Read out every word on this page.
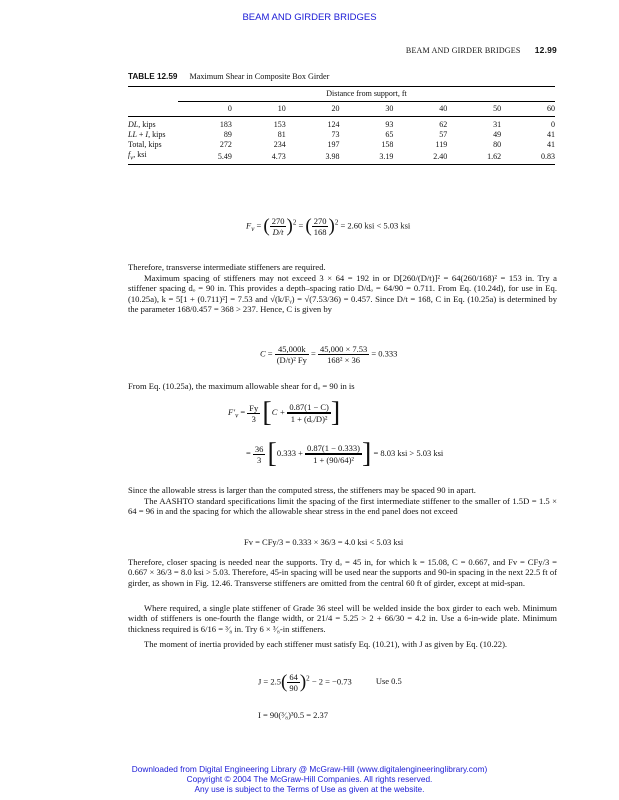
BEAM AND GIRDER BRIDGES
BEAM AND GIRDER BRIDGES 12.99
TABLE 12.59 Maximum Shear in Composite Box Girder
	Distance from support, ft						
	0	10	20	30	40	50	60
DL, kips	183	153	124	93	62	31	0
LL + I, kips	89	81	73	65	57	49	41
Total, kips	272	234	197	158	119	80	41
$f_v$, ksi	5.49	4.73	3.98	3.19	2.40	1.62	0.83
$F_v$ = ( $\frac{270}{D/t} )^2$ = ( $\frac{270}{168} )^2 = 2.60$ ksi < 5.03 ksi
Therefore, transverse intermediate stiffeners are required.
Maximum spacing of stiffeners may not exceed 3 × 64 = 192 in or D[260/(D/t)]² = 64(260/168)² = 153 in. Try a stiffener spacing dₒ = 90 in. This provides a depth–spacing ratio D/dₒ = 64/90 = 0.711. From Eq. (10.24d), for use in Eq. (10.25a), k = 5[1 + (0.711)²] = 7.53 and √(k/Fᵧ) = √(7.53/36) = 0.457. Since D/t = 168, C in Eq. (10.25a) is determined by the parameter 168/0.457 = 368 > 237. Hence, C is given by
$C = \frac{45,000k}{\text{(D/t)² Fy}} = \frac{45,000 \times 7.53}{\text{168² × 36}} = 0.333$
From Eq. (10.25a), the maximum allowable shear for dₒ = 90 in is
$F'_v = \frac{Fy}{3} [C + \frac{0.87(1 - C)}{\text{1 + (dₒ/D)²}}$ ]
= $\frac{36}{3} [0.333 + \frac{0.87(1 - 0.333)}{\text{1 + (90/64)²}}$ ] = 8.03 ksi > 5.03 ksi
Since the allowable stress is larger than the computed stress, the stiffeners may be spaced 90 in apart.
The AASHTO standard specifications limit the spacing of the first intermediate stiffener to the smaller of 1.5D = 1.5 × 64 = 96 in and the spacing for which the allowable shear stress in the end panel does not exceed
Fv = CFy/3 = 0.333 × 36/3 = 4.0 ksi < 5.03 ksi
Therefore, closer spacing is needed near the supports. Try dₒ = 45 in, for which k = 15.08, C = 0.667, and Fv = CFy/3 = 0.667 × 36/3 = 8.0 ksi > 5.03. Therefore, 45-in spacing will be used near the supports and 90-in spacing in the next 22.5 ft of girder, as shown in Fig. 12.46. Transverse stiffeners are omitted from the central 60 ft of girder, except at mid-span.
Where required, a single plate stiffener of Grade 36 steel will be welded inside the box girder to each web. Minimum width of stiffeners is one-fourth the flange width, or 21/4 = 5.25 > 2 + 66/30 = 4.2 in. Use a 6-in-wide plate. Minimum thickness required is 6/16 = ³⁄₈ in. Try 6 × ³⁄₈-in stiffeners.
The moment of inertia provided by each stiffener must satisfy Eq. (10.21), with J as given by Eq. (10.22).
$J = 2.5( \frac{64}{90} )^2 - 2 = -0.73$	Use 0.5
I = 90(³⁄₈)³0.5 = 2.37
Downloaded from Digital Engineering Library @ McGraw-Hill (www.digitalengineeringlibrary.com)
Copyright © 2004 The McGraw-Hill Companies. All rights reserved.
Any use is subject to the Terms of Use as given at the website.
